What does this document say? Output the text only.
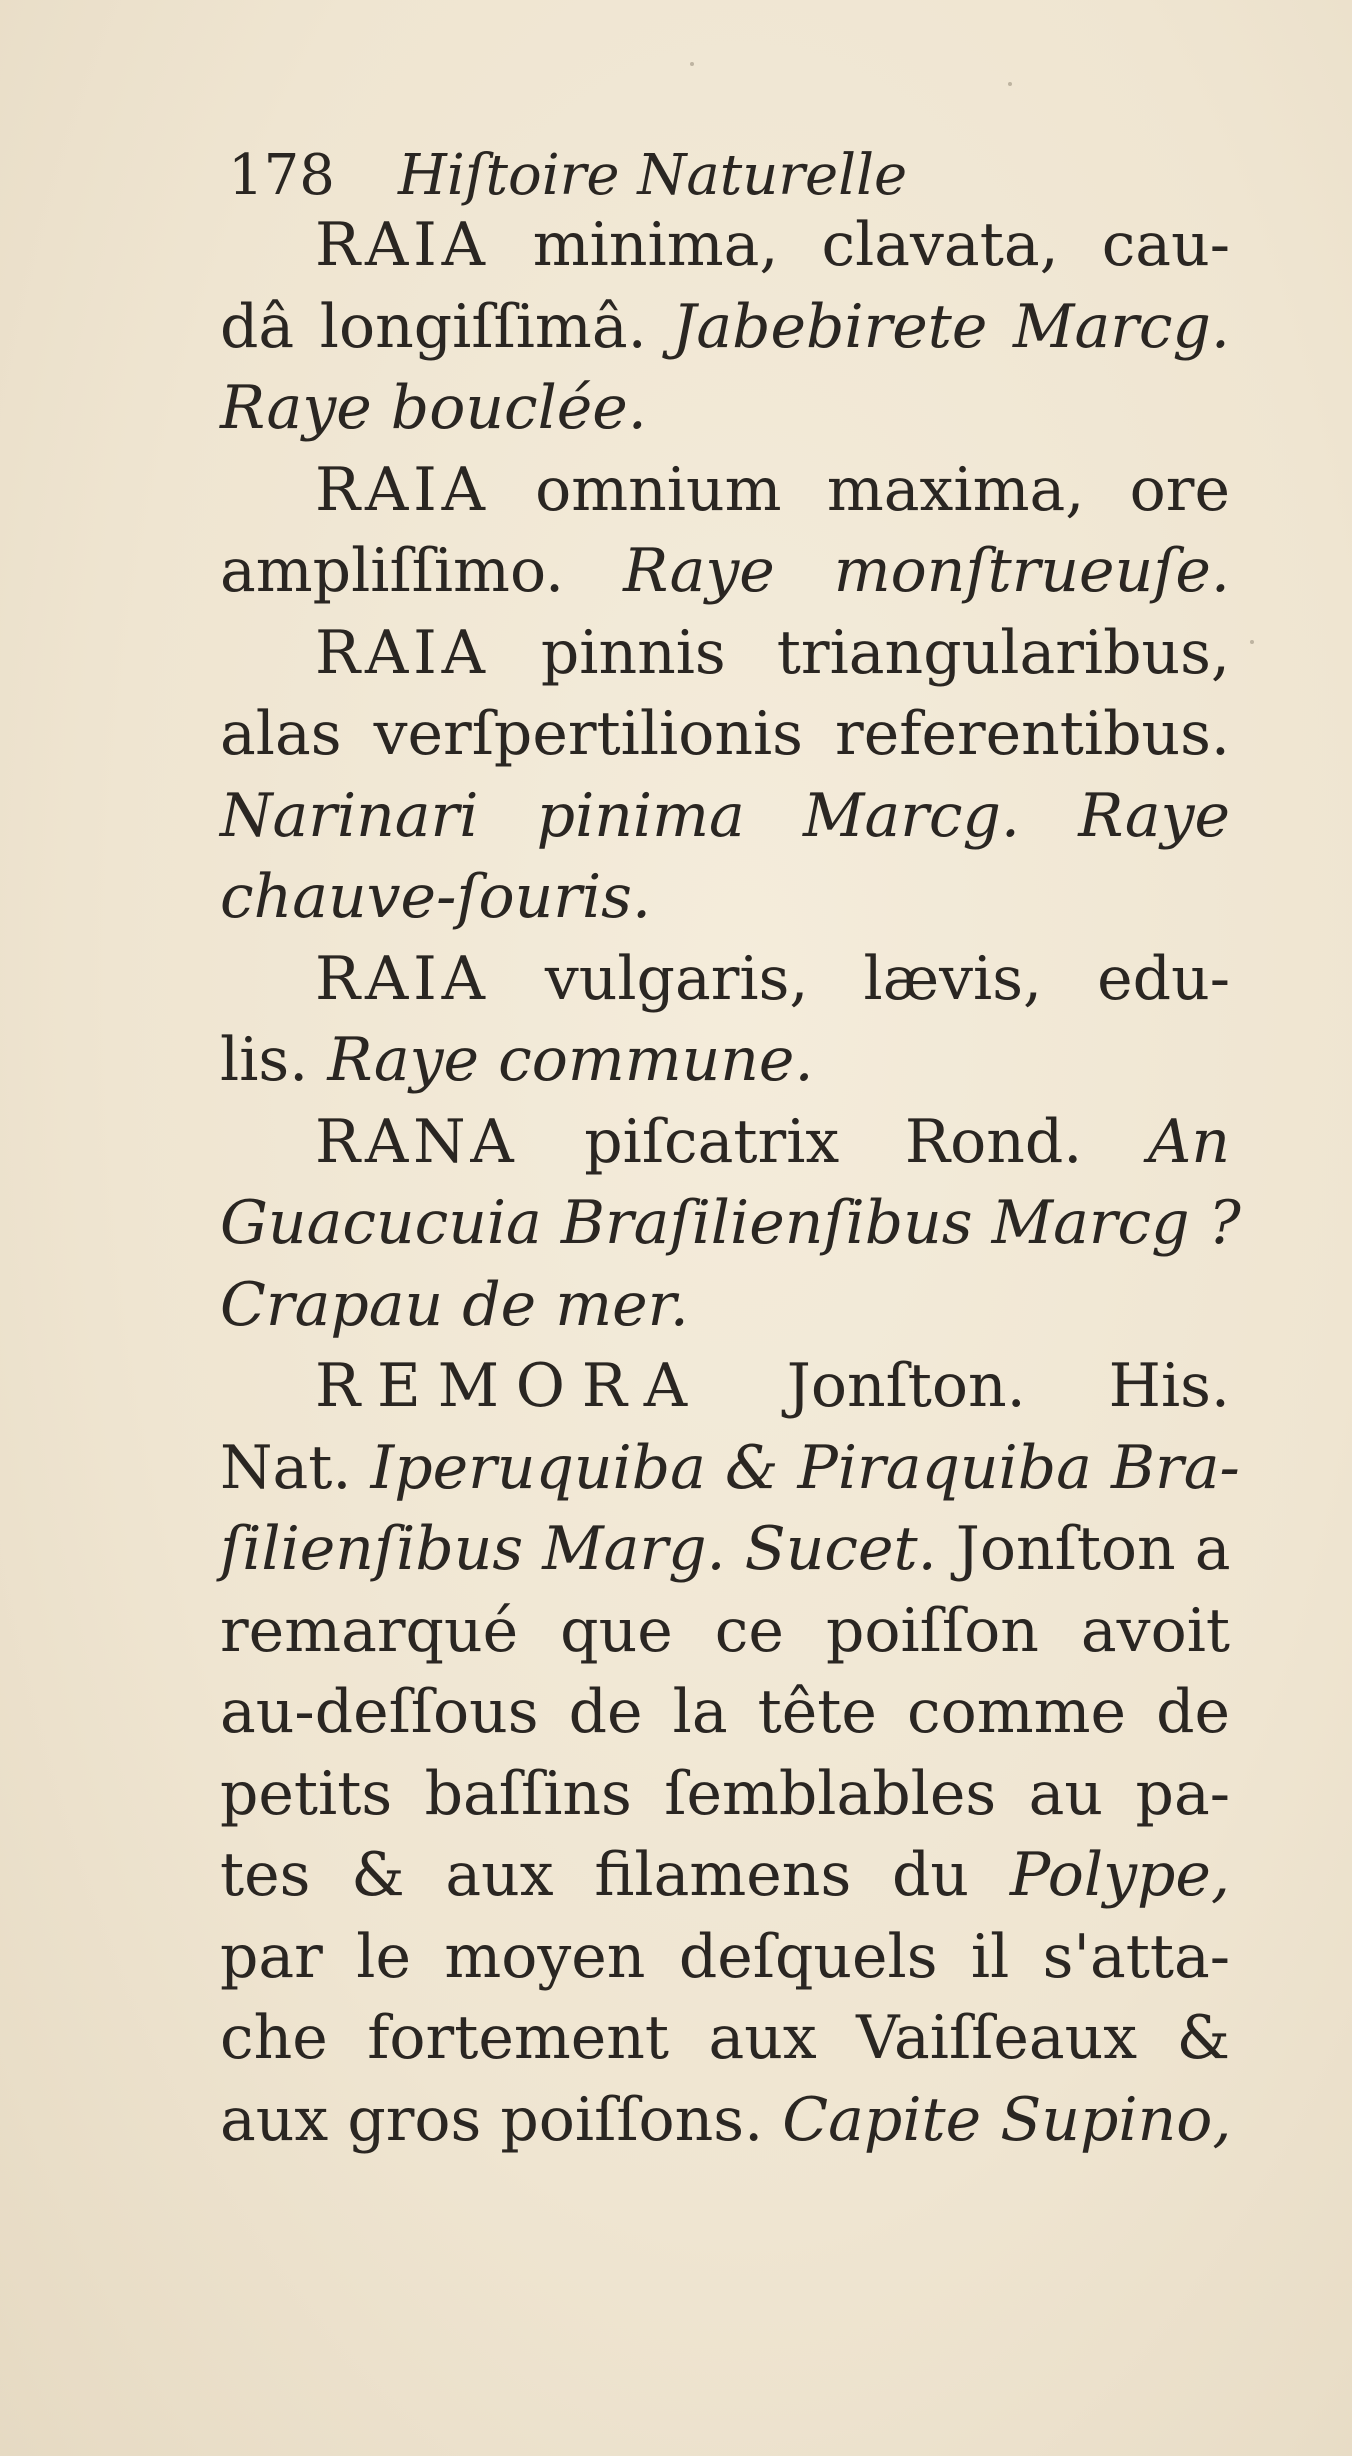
178 Hiſtoire Naturelle
RAIA minima, clavata, cau-
dâ longiſſimâ. Jabebirete Marcg.
Raye bouclée.
RAIA omnium maxima, ore
ampliſſimo. Raye monſtrueuſe.
RAIA pinnis triangularibus,
alas verſpertilionis referentibus.
Narinari pinima Marcg. Raye
chauve-ſouris.
RAIA vulgaris, lævis, edu-
lis. Raye commune.
RANA piſcatrix Rond. An
Guacucuia Braſilienſibus Marcg ?
Crapau de mer.
REMORA Jonſton. His.
Nat. Iperuquiba & Piraquiba Bra-
ſilienſibus Marg. Sucet. Jonſton a
remarqué que ce poiſſon avoit
au-deſſous de la tête comme de
petits baſſins ſemblables au pa-
tes & aux filamens du Polype,
par le moyen deſquels il s'atta-
che fortement aux Vaiſſeaux &
aux gros poiſſons. Capite Supino,
